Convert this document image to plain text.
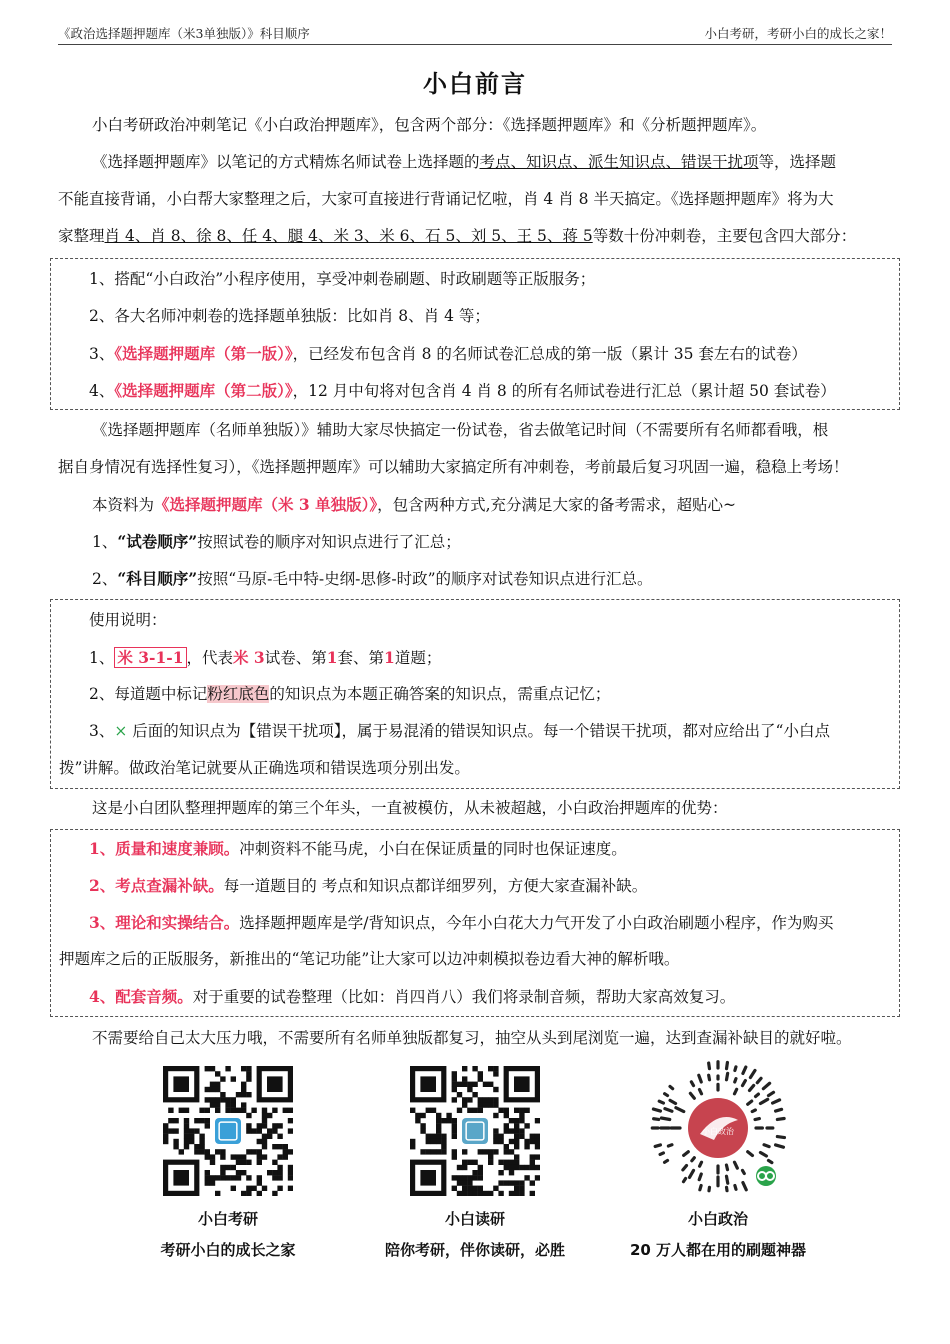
《政治选择题押题库（米3单独版）》科目顺序	小白考研，考研小白的成长之家！
小白前言
小白考研政治冲刺笔记《小白政治押题库》，包含两个部分：《选择题押题库》和《分析题押题库》。
《选择题押题库》以笔记的方式精炼名师试卷上选择题的考点、知识点、派生知识点、错误干扰项等，选择题
不能直接背诵，小白帮大家整理之后，大家可直接进行背诵记忆啦，肖 4 肖 8 半天搞定。《选择题押题库》将为大
家整理肖 4、肖 8、徐 8、任 4、腿 4、米 3、米 6、石 5、刘 5、王 5、蒋 5等数十份冲刺卷，主要包含四大部分：
1、搭配“小白政治”小程序使用，享受冲刺卷刷题、时政刷题等正版服务；
2、各大名师冲刺卷的选择题单独版：比如肖 8、肖 4 等；
3、《选择题押题库（第一版）》，已经发布包含肖 8 的名师试卷汇总成的第一版（累计 35 套左右的试卷）
4、《选择题押题库（第二版）》，12 月中旬将对包含肖 4 肖 8 的所有名师试卷进行汇总（累计超 50 套试卷）
《选择题押题库（名师单独版）》辅助大家尽快搞定一份试卷，省去做笔记时间（不需要所有名师都看哦，根
据自身情况有选择性复习），《选择题押题库》可以辅助大家搞定所有冲刺卷，考前最后复习巩固一遍，稳稳上考场！
本资料为《选择题押题库（米 3 单独版）》，包含两种方式,充分满足大家的备考需求，超贴心~
1、“试卷顺序”按照试卷的顺序对知识点进行了汇总；
2、“科目顺序”按照“马原-毛中特-史纲-思修-时政”的顺序对试卷知识点进行汇总。
使用说明：
1、 米 3-1-1 ，代表米 3试卷、第1套、第1道题；
2、每道题中标记粉红底色的知识点为本题正确答案的知识点，需重点记忆；
3、× 后面的知识点为【错误干扰项】，属于易混淆的错误知识点。每一个错误干扰项，都对应给出了“小白点
拨”讲解。做政治笔记就要从正确选项和错误选项分别出发。
这是小白团队整理押题库的第三个年头，一直被模仿，从未被超越，小白政治押题库的优势：
1、质量和速度兼顾。冲刺资料不能马虎，小白在保证质量的同时也保证速度。
2、考点查漏补缺。每一道题目的 考点和知识点都详细罗列，方便大家查漏补缺。
3、理论和实操结合。选择题押题库是学/背知识点，今年小白花大力气开发了小白政治刷题小程序，作为购买
押题库之后的正版服务，新推出的“笔记功能”让大家可以边冲刺模拟卷边看大神的解析哦。
4、配套音频。对于重要的试卷整理（比如：肖四肖八）我们将录制音频，帮助大家高效复习。
不需要给自己太大压力哦，不需要所有名师单独版都复习，抽空从头到尾浏览一遍，达到查漏补缺目的就好啦。
小白政治
小白考研
考研小白的成长之家
小白读研
陪你考研，伴你读研，必胜
小白政治
20 万人都在用的刷题神器
